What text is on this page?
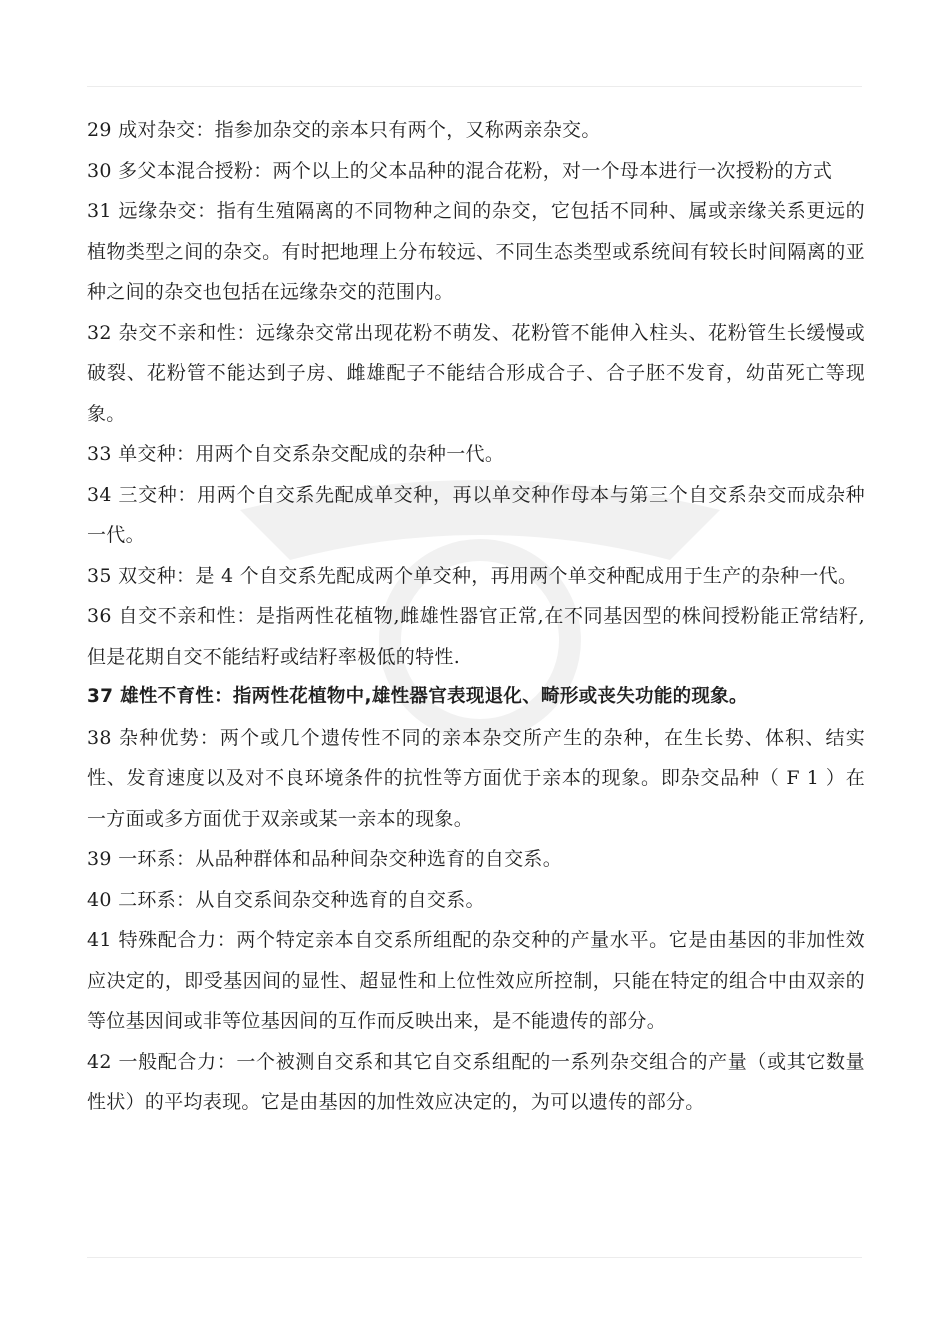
29 成对杂交：指参加杂交的亲本只有两个，又称两亲杂交。

30 多父本混合授粉：两个以上的父本品种的混合花粉，对一个母本进行一次授粉的方式

31 远缘杂交：指有生殖隔离的不同物种之间的杂交，它包括不同种、属或亲缘关系更远的植物类型之间的杂交。有时把地理上分布较远、不同生态类型或系统间有较长时间隔离的亚种之间的杂交也包括在远缘杂交的范围内。

32 杂交不亲和性：远缘杂交常出现花粉不萌发、花粉管不能伸入柱头、花粉管生长缓慢或破裂、花粉管不能达到子房、雌雄配子不能结合形成合子、合子胚不发育，幼苗死亡等现象。

33 单交种：用两个自交系杂交配成的杂种一代。

34 三交种：用两个自交系先配成单交种，再以单交种作母本与第三个自交系杂交而成杂种一代。

35 双交种：是 4 个自交系先配成两个单交种，再用两个单交种配成用于生产的杂种一代。

36 自交不亲和性：是指两性花植物,雌雄性器官正常,在不同基因型的株间授粉能正常结籽,但是花期自交不能结籽或结籽率极低的特性.

37 雄性不育性：指两性花植物中,雄性器官表现退化、畸形或丧失功能的现象。

38 杂种优势：两个或几个遗传性不同的亲本杂交所产生的杂种，在生长势、体积、结实性、发育速度以及对不良环境条件的抗性等方面优于亲本的现象。即杂交品种（ F 1 ）在一方面或多方面优于双亲或某一亲本的现象。

39 一环系：从品种群体和品种间杂交种选育的自交系。

40 二环系：从自交系间杂交种选育的自交系。

41 特殊配合力：两个特定亲本自交系所组配的杂交种的产量水平。它是由基因的非加性效应决定的，即受基因间的显性、超显性和上位性效应所控制，只能在特定的组合中由双亲的等位基因间或非等位基因间的互作而反映出来，是不能遗传的部分。

42 一般配合力：一个被测自交系和其它自交系组配的一系列杂交组合的产量（或其它数量性状）的平均表现。它是由基因的加性效应决定的，为可以遗传的部分。
